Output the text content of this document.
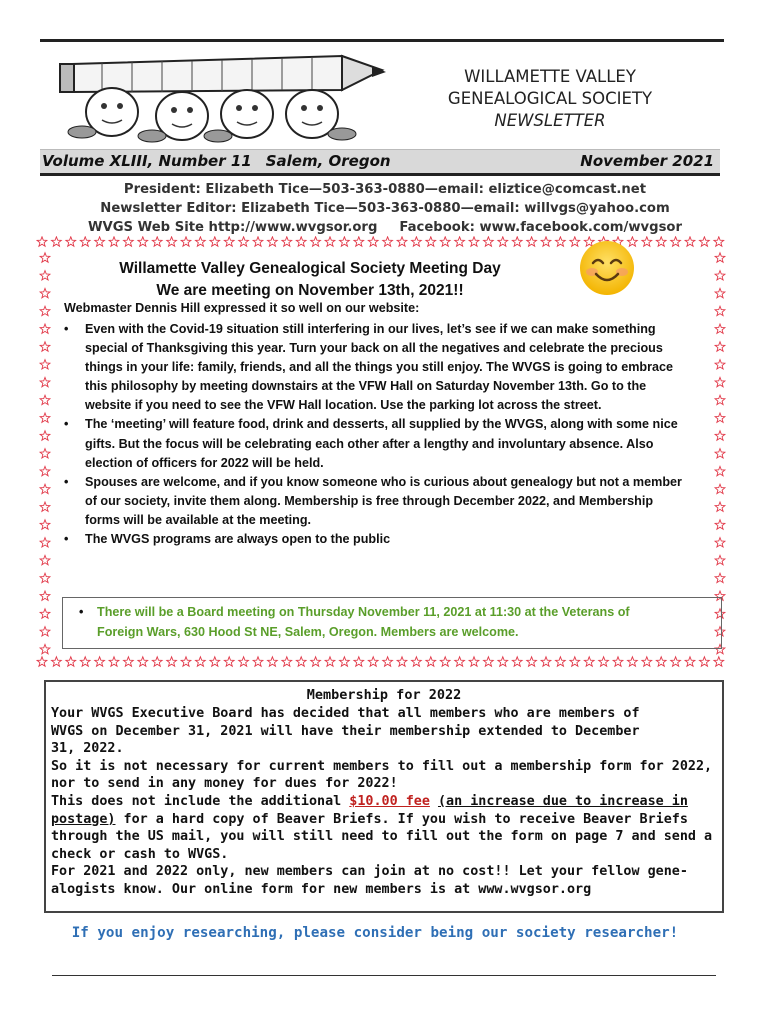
WILLAMETTE VALLEY
GENEALOGICAL SOCIETY
NEWSLETTER
Volume XLIII, Number 11 Salem, Oregon	November 2021
President: Elizabeth Tice—503-363-0880—email: eliztice@comcast.net
Newsletter Editor: Elizabeth Tice—503-363-0880—email: willvgs@yahoo.com
WVGS Web Site http://www.wvgsor.org Facebook: www.facebook.com/wvgsor
Willamette Valley Genealogical Society Meeting Day
We are meeting on November 13th, 2021!!
Webmaster Dennis Hill expressed it so well on our website:
• Even with the Covid-19 situation still interfering in our lives, let’s see if we can make something
special of Thanksgiving this year. Turn your back on all the negatives and celebrate the precious
things in your life: family, friends, and all the things you still enjoy. The WVGS is going to embrace
this philosophy by meeting downstairs at the VFW Hall on Saturday November 13th. Go to the
website if you need to see the VFW Hall location. Use the parking lot across the street.
• The ‘meeting’ will feature food, drink and desserts, all supplied by the WVGS, along with some nice
gifts. But the focus will be celebrating each other after a lengthy and involuntary absence. Also
election of officers for 2022 will be held.
• Spouses are welcome, and if you know someone who is curious about genealogy but not a member
of our society, invite them along. Membership is free through December 2022, and Membership
forms will be available at the meeting.
• The WVGS programs are always open to the public
• There will be a Board meeting on Thursday November 11, 2021 at 11:30 at the Veterans of
Foreign Wars, 630 Hood St NE, Salem, Oregon. Members are welcome.
Membership for 2022

Your WVGS Executive Board has decided that all members who are members of

WVGS on December 31, 2021 will have their membership extended to December

31, 2022.

So it is not necessary for current members to fill out a membership form for 2022,

nor to send in any money for dues for 2022!

This does not include the additional $10.00 fee (an increase due to increase in

postage) for a hard copy of Beaver Briefs. If you wish to receive Beaver Briefs

through the US mail, you will still need to fill out the form on page 7 and send a

check or cash to WVGS.

For 2021 and 2022 only, new members can join at no cost!! Let your fellow gene-

alogists know. Our online form for new members is at www.wvgsor.org

If you enjoy researching, please consider being our society researcher!
